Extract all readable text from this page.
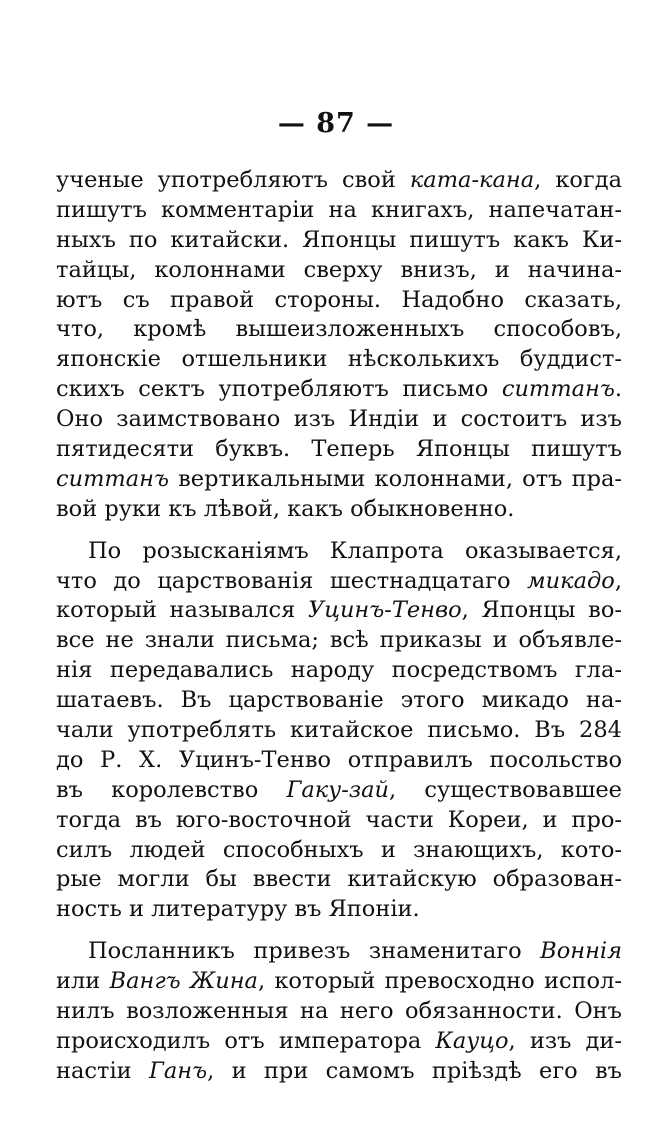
— 87 —
ученые употребляютъ свой ката-кана, когда
пишутъ комментаріи на книгахъ, напечатан-
ныхъ по китайски. Японцы пишутъ какъ Ки-
тайцы, колоннами сверху внизъ, и начина-
ютъ съ правой стороны. Надобно сказать,
что, кромѣ вышеизложенныхъ способовъ,
японскіе отшельники нѣсколькихъ буддист-
скихъ сектъ употребляютъ письмо ситтанъ.
Оно заимствовано изъ Индіи и состоитъ изъ
пятидесяти буквъ. Теперь Японцы пишутъ
ситтанъ вертикальными колоннами, отъ пра-
вой руки къ лѣвой, какъ обыкновенно.
По розысканіямъ Клапрота оказывается,
что до царствованія шестнадцатаго микадо,
который назывался Уцинъ-Тенво, Японцы во-
все не знали письма; всѣ приказы и объявле-
нія передавались народу посредствомъ гла-
шатаевъ. Въ царствованіе этого микадо на-
чали употреблять китайское письмо. Въ 284
до Р. Х. Уцинъ-Тенво отправилъ посольство
въ королевство Гаку-зай, существовавшее
тогда въ юго-восточной части Кореи, и про-
силъ людей способныхъ и знающихъ, кото-
рые могли бы ввести китайскую образован-
ность и литературу въ Японіи.
Посланникъ привезъ знаменитаго Воннія
или Вангъ Жина, который превосходно испол-
нилъ возложенныя на него обязанности. Онъ
происходилъ отъ императора Кауцо, изъ ди-
настіи Ганъ, и при самомъ пріѣздѣ его въ
